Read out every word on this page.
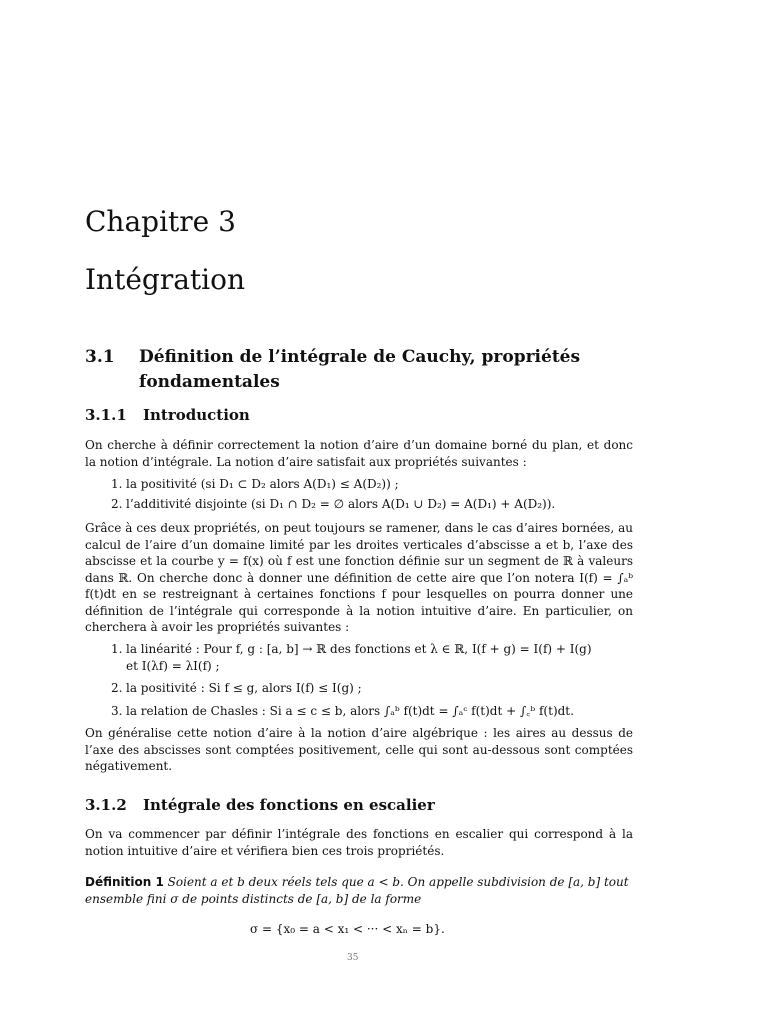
Chapitre 3
Intégration
3.1 Définition de l’intégrale de Cauchy, propriétés fondamentales
3.1.1 Introduction

On cherche à définir correctement la notion d’aire d’un domaine borné du plan, et donc la notion d’intégrale. La notion d’aire satisfait aux propriétés suivantes :

1. la positivité (si D₁ ⊂ D₂ alors A(D₁) ≤ A(D₂)) ;

2. l’additivité disjointe (si D₁ ∩ D₂ = ∅ alors A(D₁ ∪ D₂) = A(D₁) + A(D₂)).

Grâce à ces deux propriétés, on peut toujours se ramener, dans le cas d’aires bornées, au calcul de l’aire d’un domaine limité par les droites verticales d’abscisse a et b, l’axe des abscisse et la courbe y = f(x) où f est une fonction définie sur un segment de ℝ à valeurs dans ℝ. On cherche donc à donner une définition de cette aire que l’on notera I(f) = ∫ₐᵇ f(t)dt en se restreignant à certaines fonctions f pour lesquelles on pourra donner une définition de l’intégrale qui corresponde à la notion intuitive d’aire. En particulier, on cherchera à avoir les propriétés suivantes :

1. la linéarité : Pour f, g : [a, b] → ℝ des fonctions et λ ∈ ℝ, I(f + g) = I(f) + I(g)
et I(λf) = λI(f) ;

2. la positivité : Si f ≤ g, alors I(f) ≤ I(g) ;

3. la relation de Chasles : Si a ≤ c ≤ b, alors ∫ₐᵇ f(t)dt = ∫ₐᶜ f(t)dt + ∫꜀ᵇ f(t)dt.

On généralise cette notion d’aire à la notion d’aire algébrique : les aires au dessus de l’axe des abscisses sont comptées positivement, celle qui sont au-dessous sont comptées négativement.

3.1.2 Intégrale des fonctions en escalier

On va commencer par définir l’intégrale des fonctions en escalier qui correspond à la notion intuitive d’aire et vérifiera bien ces trois propriétés.

Définition 1 Soient a et b deux réels tels que a < b. On appelle subdivision de [a, b] tout ensemble fini σ de points distincts de [a, b] de la forme

σ = {x₀ = a < x₁ < ··· < xₙ = b}.

35
